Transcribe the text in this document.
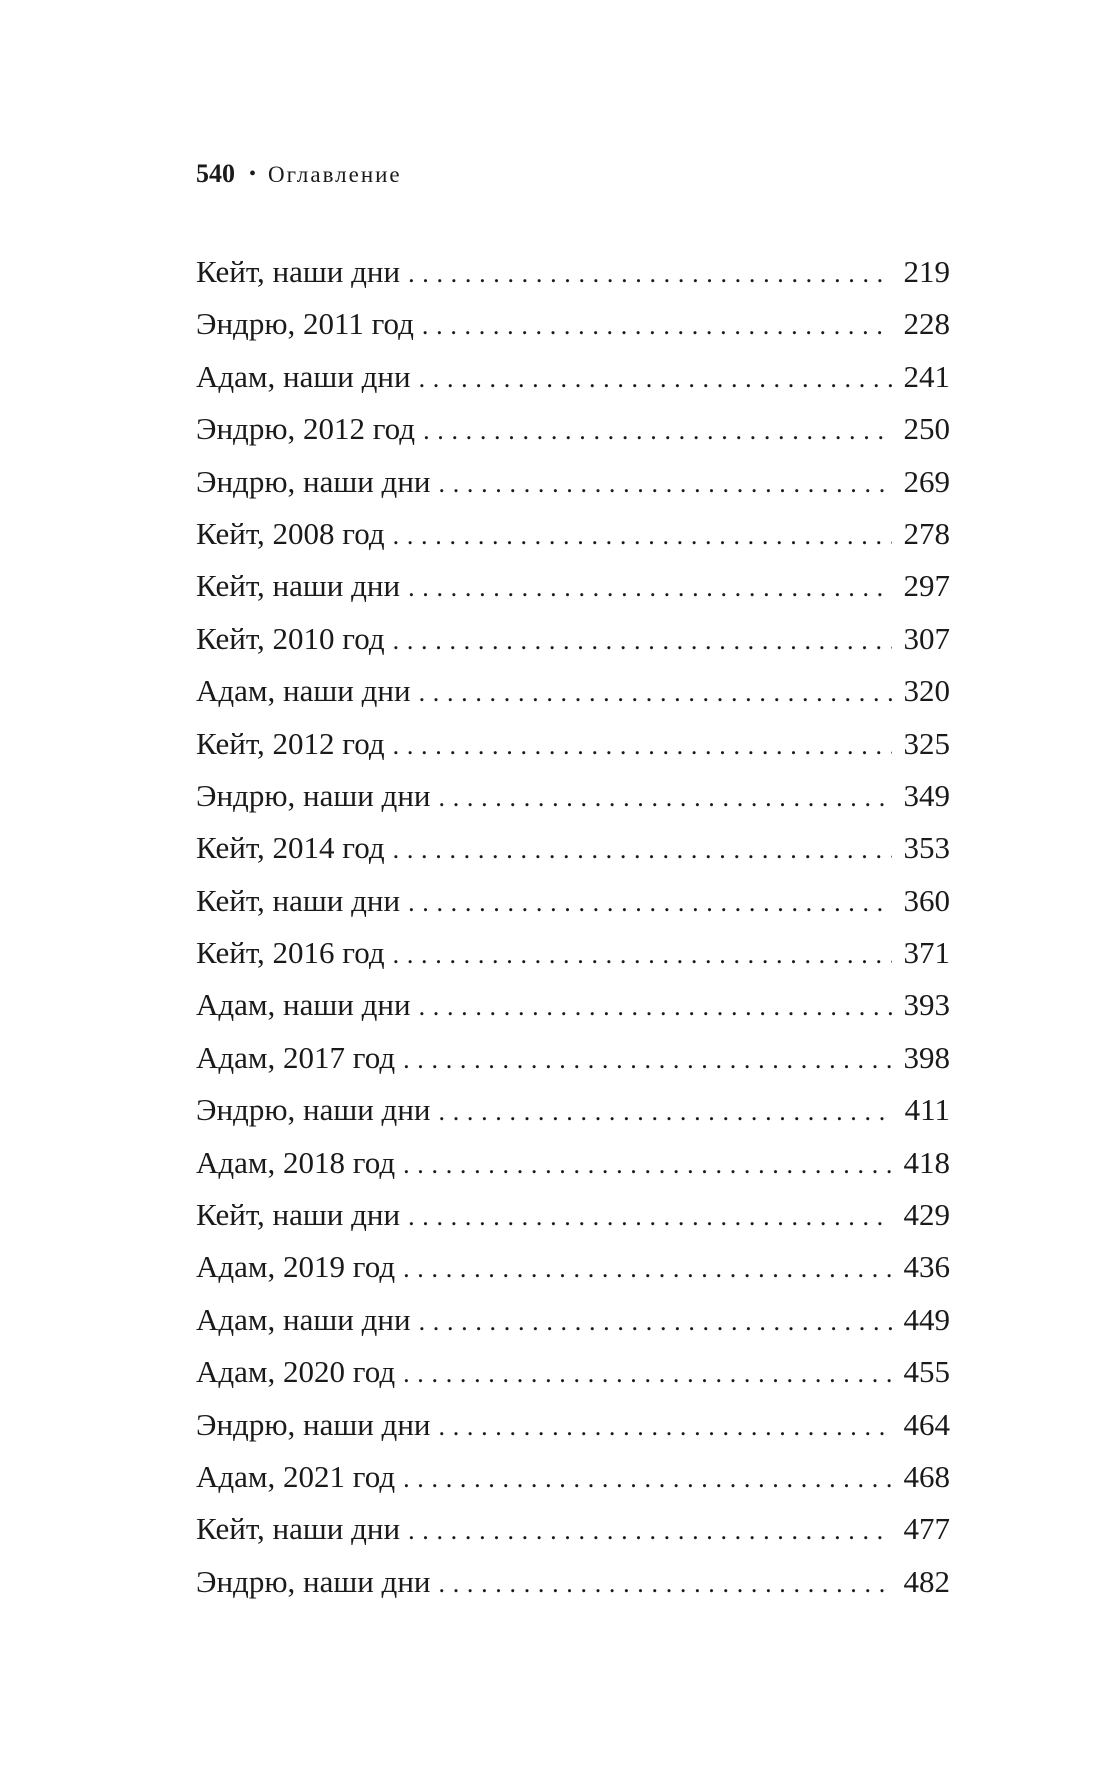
540 • Оглавление
Кейт, наши дни . . .	219
Эндрю, 2011 год . . .	228
Адам, наши дни . . .	241
Эндрю, 2012 год . . .	250
Эндрю, наши дни . . .	269
Кейт, 2008 год . . .	278
Кейт, наши дни . . .	297
Кейт, 2010 год . . .	307
Адам, наши дни . . .	320
Кейт, 2012 год . . .	325
Эндрю, наши дни . . .	349
Кейт, 2014 год . . .	353
Кейт, наши дни . . .	360
Кейт, 2016 год . . .	371
Адам, наши дни . . .	393
Адам, 2017 год . . .	398
Эндрю, наши дни . . .	411
Адам, 2018 год . . .	418
Кейт, наши дни . . .	429
Адам, 2019 год . . .	436
Адам, наши дни . . .	449
Адам, 2020 год . . .	455
Эндрю, наши дни . . .	464
Адам, 2021 год . . .	468
Кейт, наши дни . . .	477
Эндрю, наши дни . . .	482
